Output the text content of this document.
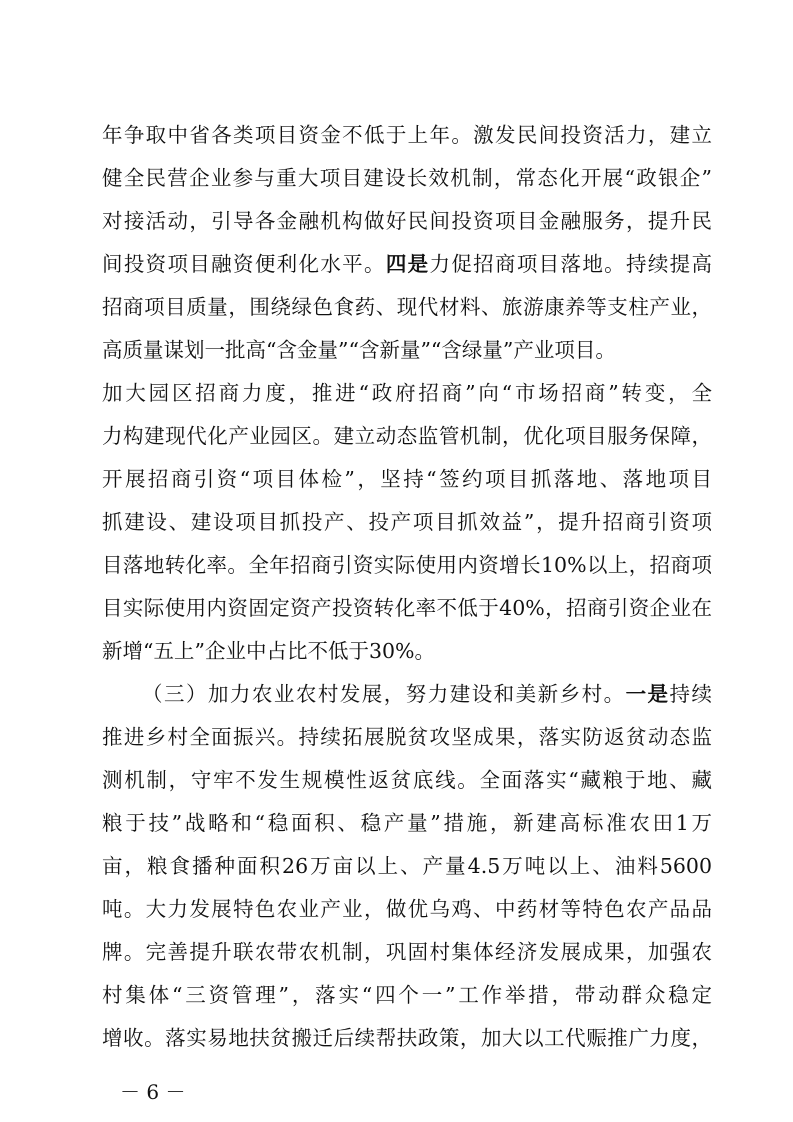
年争取中省各类项目资金不低于上年。激发民间投资活力，建立
健全民营企业参与重大项目建设长效机制，常态化开展“政银企”
对接活动，引导各金融机构做好民间投资项目金融服务，提升民
间投资项目融资便利化水平。四是力促招商项目落地。持续提高
招商项目质量，围绕绿色食药、现代材料、旅游康养等支柱产业，
高质量谋划一批高“含金量”“含新量”“含绿量”产业项目。
加大园区招商力度，推进“政府招商”向“市场招商”转变，全
力构建现代化产业园区。建立动态监管机制，优化项目服务保障，
开展招商引资“项目体检”，坚持“签约项目抓落地、落地项目
抓建设、建设项目抓投产、投产项目抓效益”，提升招商引资项
目落地转化率。全年招商引资实际使用内资增长10%以上，招商项
目实际使用内资固定资产投资转化率不低于40%，招商引资企业在
新增“五上”企业中占比不低于30%。
（三）加力农业农村发展，努力建设和美新乡村。一是持续
推进乡村全面振兴。持续拓展脱贫攻坚成果，落实防返贫动态监
测机制，守牢不发生规模性返贫底线。全面落实“藏粮于地、藏
粮于技”战略和“稳面积、稳产量”措施，新建高标准农田1万
亩，粮食播种面积26万亩以上、产量4.5万吨以上、油料5600
吨。大力发展特色农业产业，做优乌鸡、中药材等特色农产品品
牌。完善提升联农带农机制，巩固村集体经济发展成果，加强农
村集体“三资管理”，落实“四个一”工作举措，带动群众稳定
增收。落实易地扶贫搬迁后续帮扶政策，加大以工代赈推广力度，
－ 6 －
